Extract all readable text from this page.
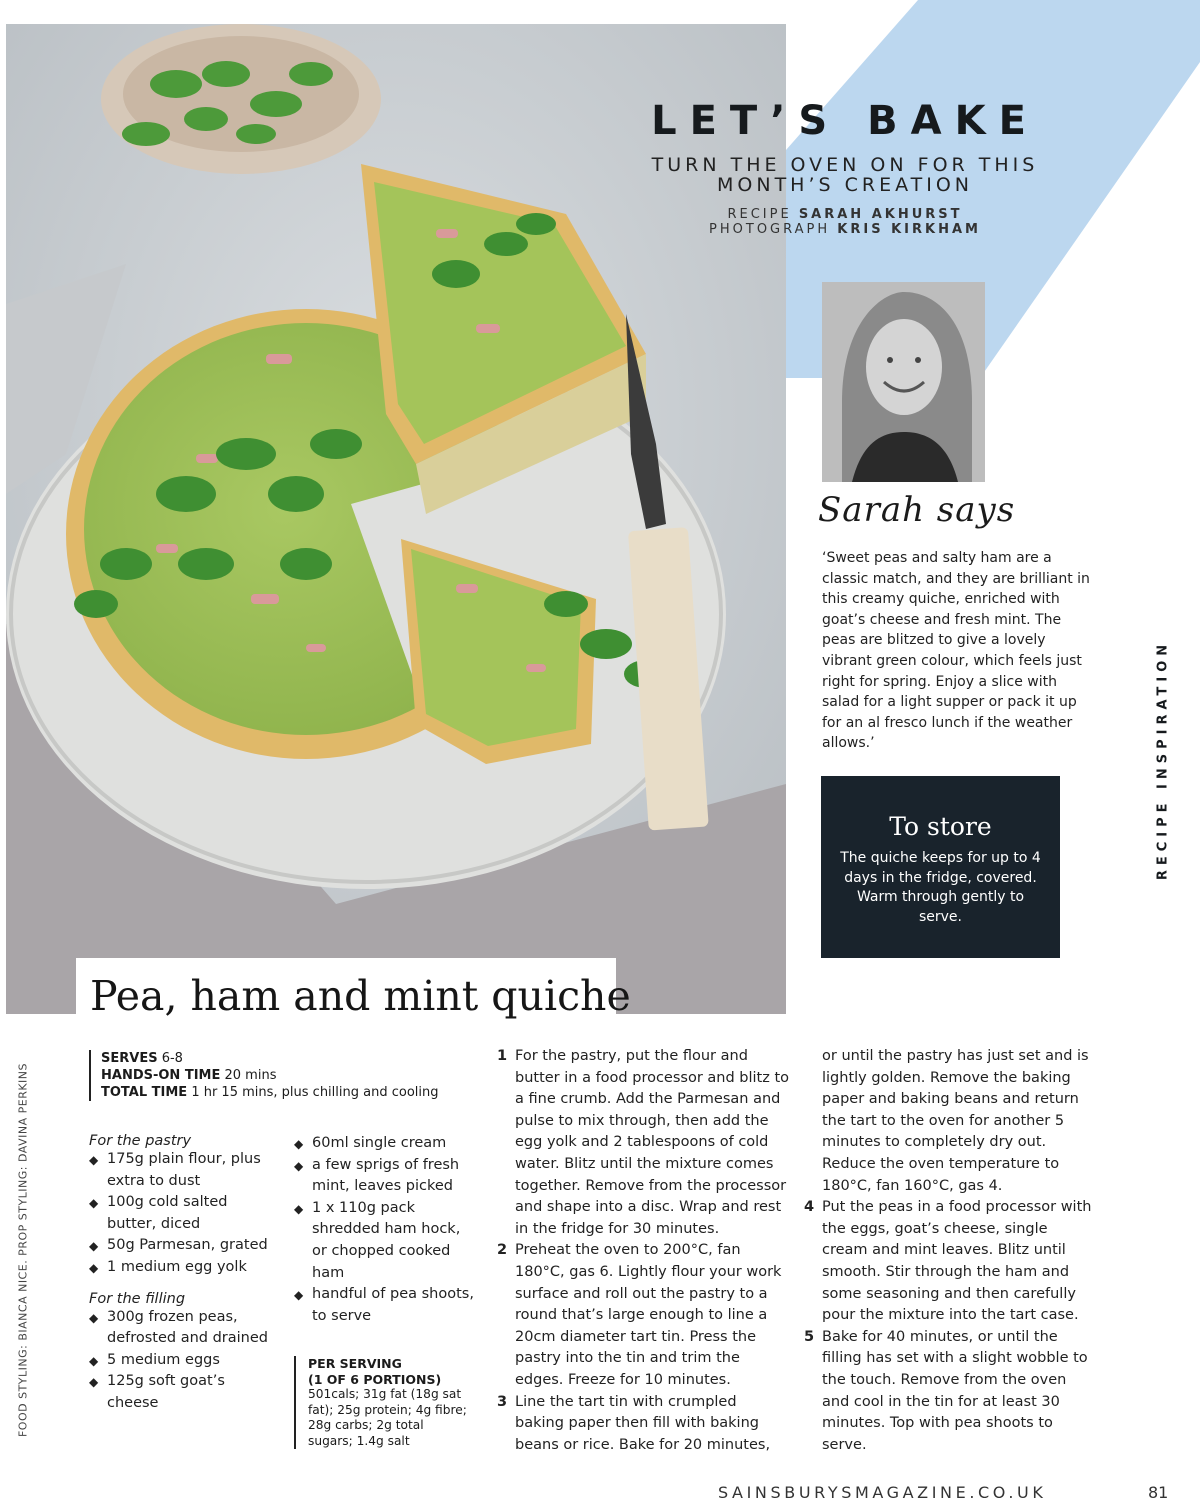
LET’S BAKE
TURN THE OVEN ON FOR THIS
MONTH’S CREATION
RECIPE SARAH AKHURST
PHOTOGRAPH KRIS KIRKHAM
Sarah says
‘Sweet peas and salty ham are a classic match, and they are brilliant in this creamy quiche, enriched with goat’s cheese and fresh mint. The peas are blitzed to give a lovely vibrant green colour, which feels just right for spring. Enjoy a slice with salad for a light supper or pack it up for an al fresco lunch if the weather allows.’
To store

The quiche keeps for up to 4 days in the fridge, covered. Warm through gently to serve.

RECIPE INSPIRATION
FOOD STYLING: BIANCA NICE. PROP STYLING: DAVINA PERKINS
Pea, ham and mint quiche
SERVES 6-8
HANDS-ON TIME 20 mins
TOTAL TIME 1 hr 15 mins, plus chilling and cooling
For the pastry
◆ 175g plain flour, plus extra to dust
◆ 100g cold salted butter, diced
◆ 50g Parmesan, grated
◆ 1 medium egg yolk
For the filling
◆ 300g frozen peas, defrosted and drained
◆ 5 medium eggs
◆ 125g soft goat’s cheese
◆ 60ml single cream
◆ a few sprigs of fresh mint, leaves picked
◆ 1 x 110g pack shredded ham hock, or chopped cooked ham
◆ handful of pea shoots, to serve
PER SERVING
(1 OF 6 PORTIONS)
501cals; 31g fat (18g sat fat); 25g protein; 4g fibre; 28g carbs; 2g total sugars; 1.4g salt
1 For the pastry, put the flour and butter in a food processor and blitz to a fine crumb. Add the Parmesan and pulse to mix through, then add the egg yolk and 2 tablespoons of cold water. Blitz until the mixture comes together. Remove from the processor and shape into a disc. Wrap and rest in the fridge for 30 minutes.
2 Preheat the oven to 200°C, fan 180°C, gas 6. Lightly flour your work surface and roll out the pastry to a round that’s large enough to line a 20cm diameter tart tin. Press the pastry into the tin and trim the edges. Freeze for 10 minutes.
3 Line the tart tin with crumpled baking paper then fill with baking beans or rice. Bake for 20 minutes,
or until the pastry has just set and is lightly golden. Remove the baking paper and baking beans and return the tart to the oven for another 5 minutes to completely dry out. Reduce the oven temperature to 180°C, fan 160°C, gas 4.
4 Put the peas in a food processor with the eggs, goat’s cheese, single cream and mint leaves. Blitz until smooth. Stir through the ham and some seasoning and then carefully pour the mixture into the tart case.
5 Bake for 40 minutes, or until the filling has set with a slight wobble to the touch. Remove from the oven and cool in the tin for at least 30 minutes. Top with pea shoots to serve.
SAINSBURYSMAGAZINE.CO.UK	81
